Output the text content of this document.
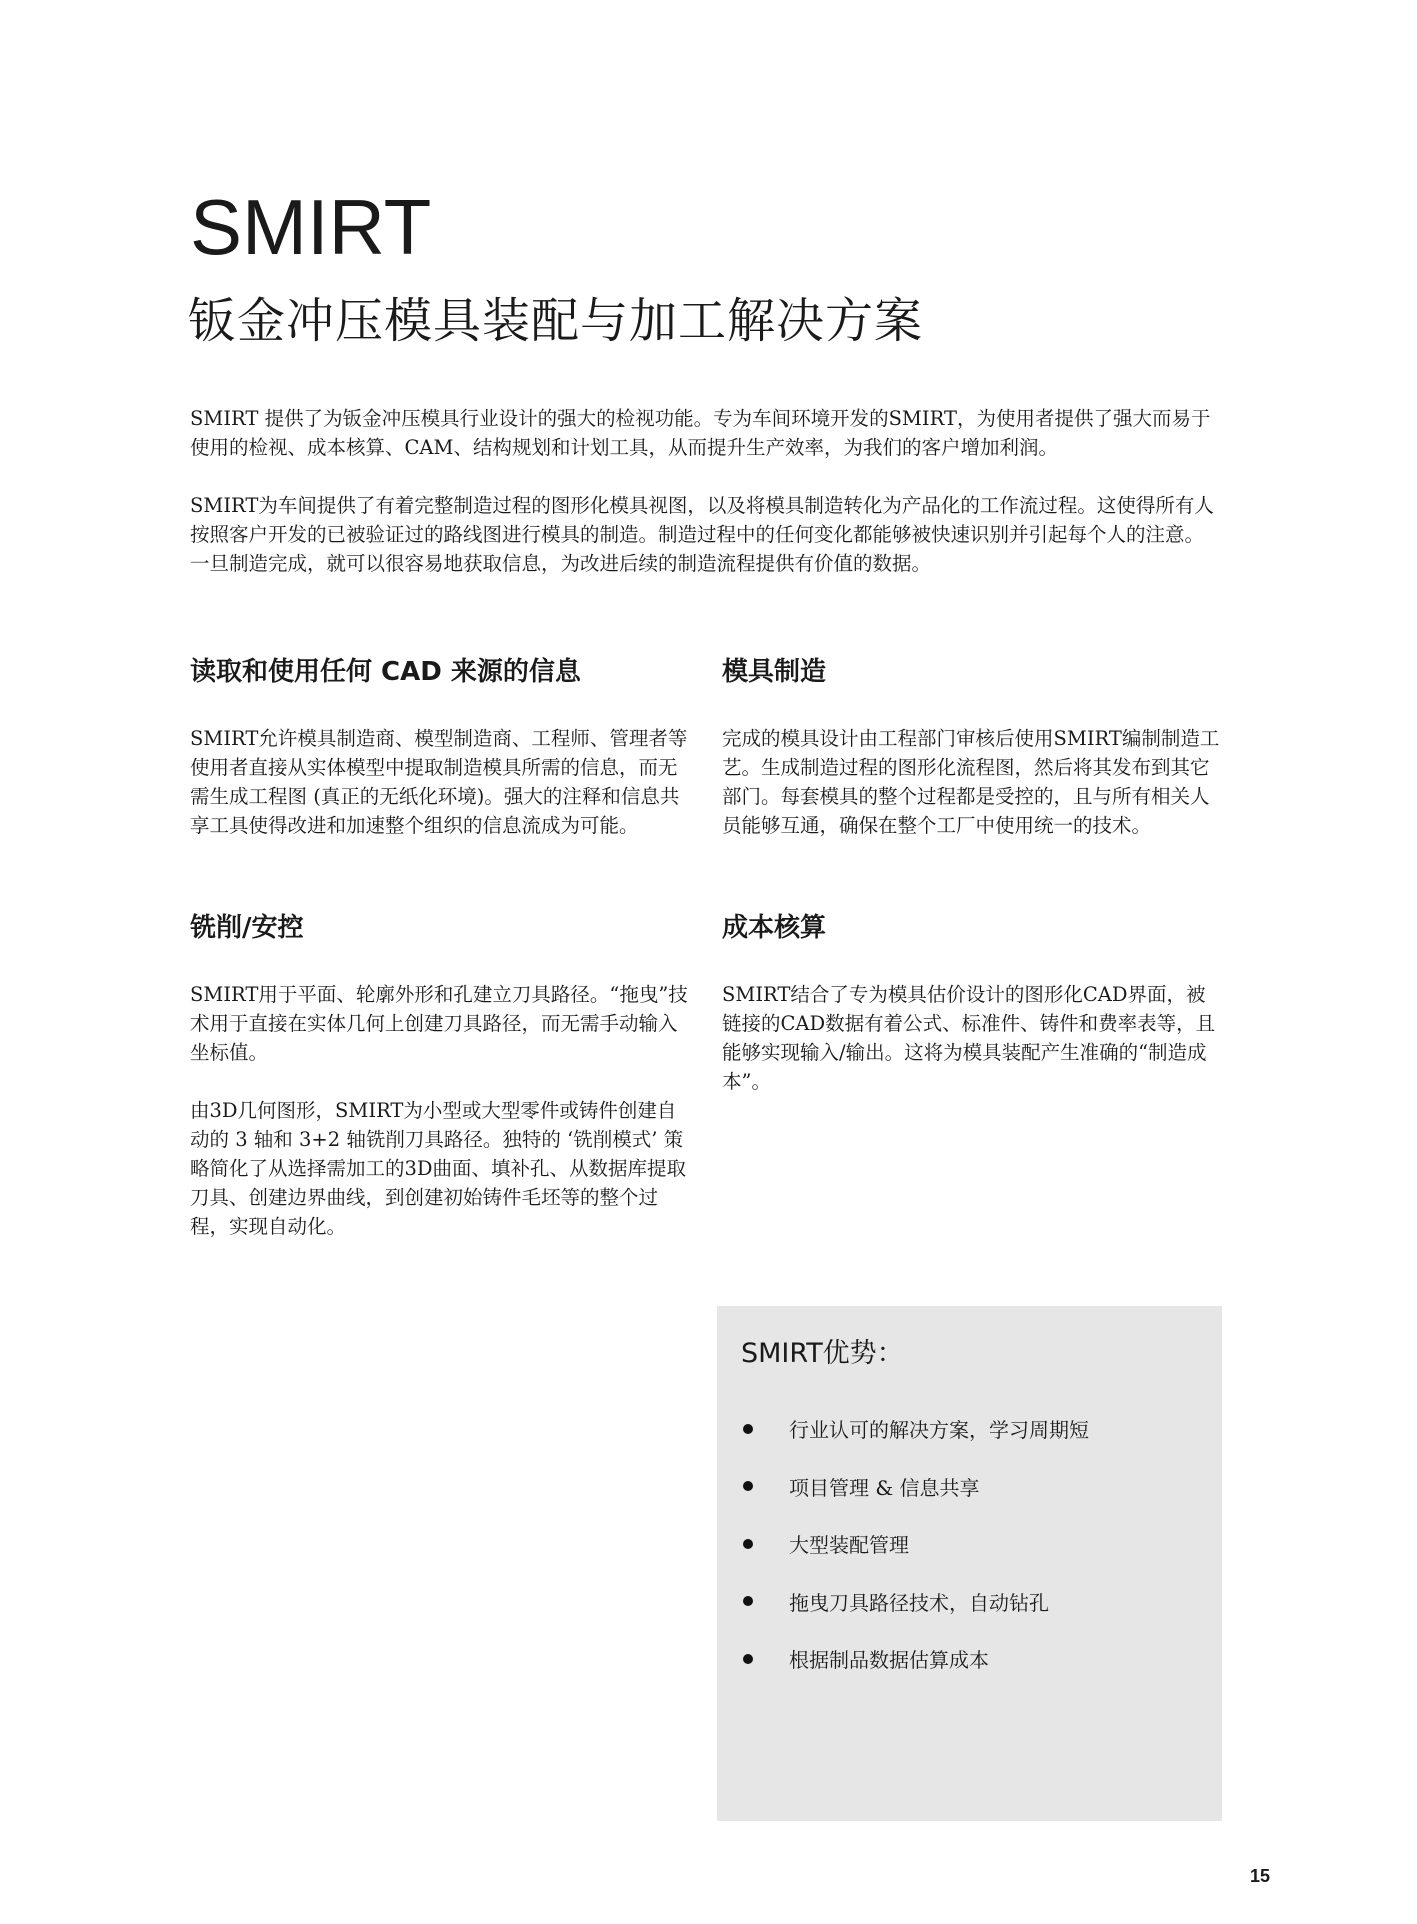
SMIRT
钣金冲压模具装配与加工解决方案

SMIRT 提供了为钣金冲压模具行业设计的强大的检视功能。专为车间环境开发的SMIRT，为使用者提供了强大而易于使用的检视、成本核算、CAM、结构规划和计划工具，从而提升生产效率，为我们的客户增加利润。

SMIRT为车间提供了有着完整制造过程的图形化模具视图，以及将模具制造转化为产品化的工作流过程。这使得所有人按照客户开发的已被验证过的路线图进行模具的制造。制造过程中的任何变化都能够被快速识别并引起每个人的注意。一旦制造完成，就可以很容易地获取信息，为改进后续的制造流程提供有价值的数据。

读取和使用任何 CAD 来源的信息

SMIRT允许模具制造商、模型制造商、工程师、管理者等使用者直接从实体模型中提取制造模具所需的信息，而无需生成工程图 (真正的无纸化环境)。强大的注释和信息共享工具使得改进和加速整个组织的信息流成为可能。

模具制造

完成的模具设计由工程部门审核后使用SMIRT编制制造工艺。生成制造过程的图形化流程图，然后将其发布到其它部门。每套模具的整个过程都是受控的，且与所有相关人员能够互通，确保在整个工厂中使用统一的技术。

铣削/安控

SMIRT用于平面、轮廓外形和孔建立刀具路径。“拖曳”技术用于直接在实体几何上创建刀具路径，而无需手动输入坐标值。

由3D几何图形，SMIRT为小型或大型零件或铸件创建自动的 3 轴和 3+2 轴铣削刀具路径。独特的 ‘铣削模式’ 策略简化了从选择需加工的3D曲面、填补孔、从数据库提取刀具、创建边界曲线，到创建初始铸件毛坯等的整个过程，实现自动化。

成本核算

SMIRT结合了专为模具估价设计的图形化CAD界面，被链接的CAD数据有着公式、标准件、铸件和费率表等，且能够实现输入/输出。这将为模具装配产生准确的“制造成本”。

SMIRT优势：
行业认可的解决方案，学习周期短
项目管理 & 信息共享
大型装配管理
拖曳刀具路径技术，自动钻孔
根据制品数据估算成本
15
